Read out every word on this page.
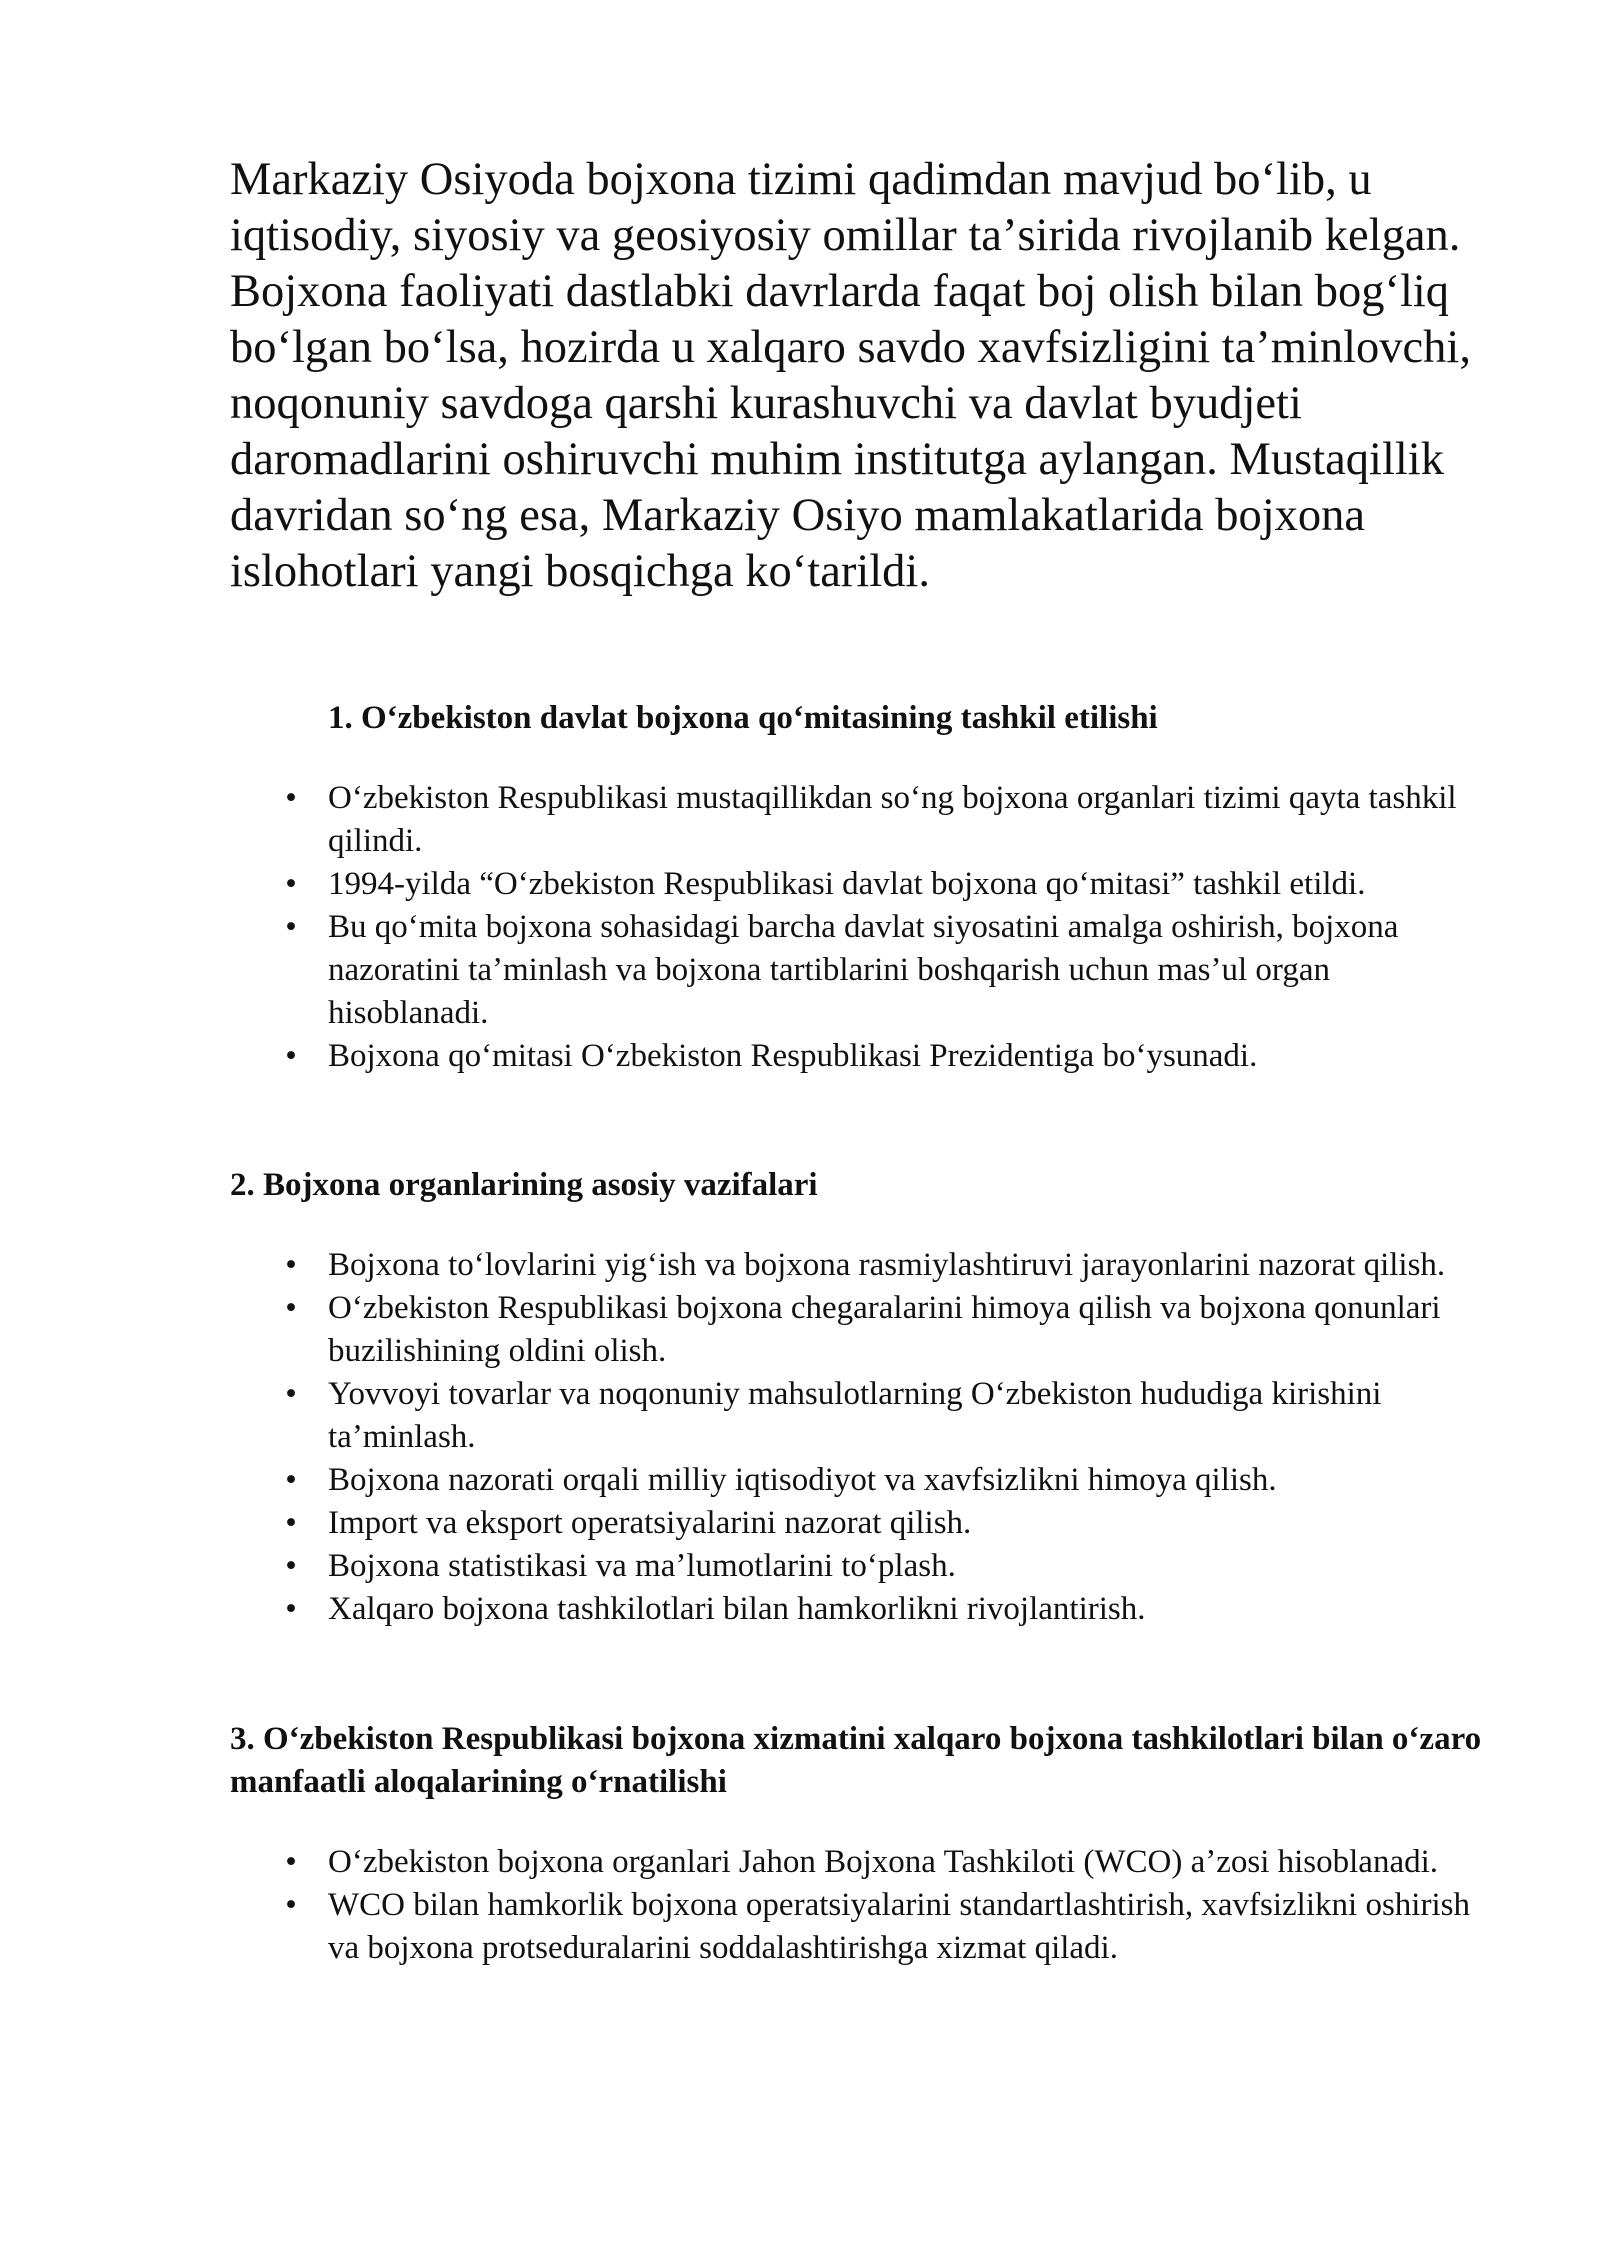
Markaziy Osiyoda bojxona tizimi qadimdan mavjud boʻlib, u iqtisodiy, siyosiy va geosiyosiy omillar taʼsirida rivojlanib kelgan. Bojxona faoliyati dastlabki davrlarda faqat boj olish bilan bogʻliq boʻlgan boʻlsa, hozirda u xalqaro savdo xavfsizligini taʼminlovchi, noqonuniy savdoga qarshi kurashuvchi va davlat byudjeti daromadlarini oshiruvchi muhim institutga aylangan. Mustaqillik davridan soʻng esa, Markaziy Osiyo mamlakatlarida bojxona islohotlari yangi bosqichga koʻtarildi.

1. Oʻzbekiston davlat bojxona qoʻmitasining tashkil etilishi
• Oʻzbekiston Respublikasi mustaqillikdan soʻng bojxona organlari tizimi qayta tashkil qilindi.
• 1994-yilda “Oʻzbekiston Respublikasi davlat bojxona qoʻmitasi” tashkil etildi.
• Bu qoʻmita bojxona sohasidagi barcha davlat siyosatini amalga oshirish, bojxona nazoratini taʼminlash va bojxona tartiblarini boshqarish uchun masʼul organ hisoblanadi.
• Bojxona qoʻmitasi Oʻzbekiston Respublikasi Prezidentiga boʻysunadi.
2. Bojxona organlarining asosiy vazifalari
• Bojxona toʻlovlarini yigʻish va bojxona rasmiylashtiruvi jarayonlarini nazorat qilish.
• Oʻzbekiston Respublikasi bojxona chegaralarini himoya qilish va bojxona qonunlari buzilishining oldini olish.
• Yovvoyi tovarlar va noqonuniy mahsulotlarning Oʻzbekiston hududiga kirishini taʼminlash.
• Bojxona nazorati orqali milliy iqtisodiyot va xavfsizlikni himoya qilish.
• Import va eksport operatsiyalarini nazorat qilish.
• Bojxona statistikasi va maʼlumotlarini toʻplash.
• Xalqaro bojxona tashkilotlari bilan hamkorlikni rivojlantirish.
3. Oʻzbekiston Respublikasi bojxona xizmatini xalqaro bojxona tashkilotlari bilan oʻzaro manfaatli aloqalarining oʻrnatilishi
• Oʻzbekiston bojxona organlari Jahon Bojxona Tashkiloti (WCO) aʼzosi hisoblanadi.
• WCO bilan hamkorlik bojxona operatsiyalarini standartlashtirish, xavfsizlikni oshirish va bojxona protseduralarini soddalashtirishga xizmat qiladi.
